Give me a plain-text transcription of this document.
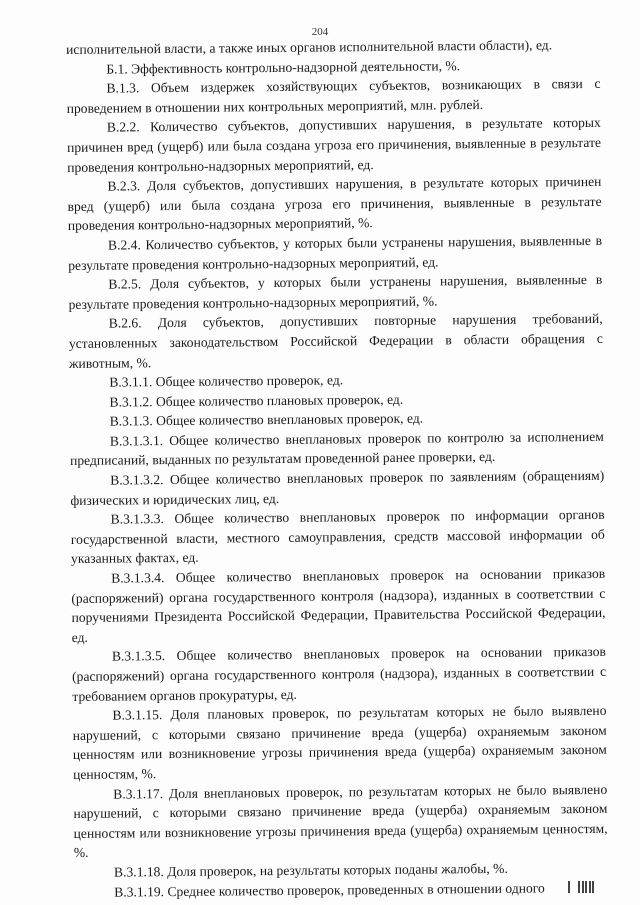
204

исполнительной власти, а также иных органов исполнительной власти области), ед.

Б.1. Эффективность контрольно-надзорной деятельности, %.

В.1.3. Объем издержек хозяйствующих субъектов, возникающих в связи с проведением в отношении них контрольных мероприятий, млн. рублей.

В.2.2. Количество субъектов, допустивших нарушения, в результате которых причинен вред (ущерб) или была создана угроза его причинения, выявленные в результате проведения контрольно-надзорных мероприятий, ед.

В.2.3. Доля субъектов, допустивших нарушения, в результате которых причинен вред (ущерб) или была создана угроза его причинения, выявленные в результате проведения контрольно-надзорных мероприятий, %.

В.2.4. Количество субъектов, у которых были устранены нарушения, выявленные в результате проведения контрольно-надзорных мероприятий, ед.

В.2.5. Доля субъектов, у которых были устранены нарушения, выявленные в результате проведения контрольно-надзорных мероприятий, %.

В.2.6. Доля субъектов, допустивших повторные нарушения требований, установленных законодательством Российской Федерации в области обращения с животным, %.

В.3.1.1. Общее количество проверок, ед.

В.3.1.2. Общее количество плановых проверок, ед.

В.3.1.3. Общее количество внеплановых проверок, ед.

В.3.1.3.1. Общее количество внеплановых проверок по контролю за исполнением предписаний, выданных по результатам проведенной ранее проверки, ед.

В.3.1.3.2. Общее количество внеплановых проверок по заявлениям (обращениям) физических и юридических лиц, ед.

В.3.1.3.3. Общее количество внеплановых проверок по информации органов государственной власти, местного самоуправления, средств массовой информации об указанных фактах, ед.

В.3.1.3.4. Общее количество внеплановых проверок на основании приказов (распоряжений) органа государственного контроля (надзора), изданных в соответствии с поручениями Президента Российской Федерации, Правительства Российской Федерации, ед.

В.3.1.3.5. Общее количество внеплановых проверок на основании приказов (распоряжений) органа государственного контроля (надзора), изданных в соответствии с требованием органов прокуратуры, ед.

В.3.1.15. Доля плановых проверок, по результатам которых не было выявлено нарушений, с которыми связано причинение вреда (ущерба) охраняемым законом ценностям или возникновение угрозы причинения вреда (ущерба) охраняемым законом ценностям, %.

В.3.1.17. Доля внеплановых проверок, по результатам которых не было выявлено нарушений, с которыми связано причинение вреда (ущерба) охраняемым законом ценностям или возникновение угрозы причинения вреда (ущерба) охраняемым ценностям, %.

В.3.1.18. Доля проверок, на результаты которых поданы жалобы, %.

В.3.1.19. Среднее количество проверок, проведенных в отношении одного
